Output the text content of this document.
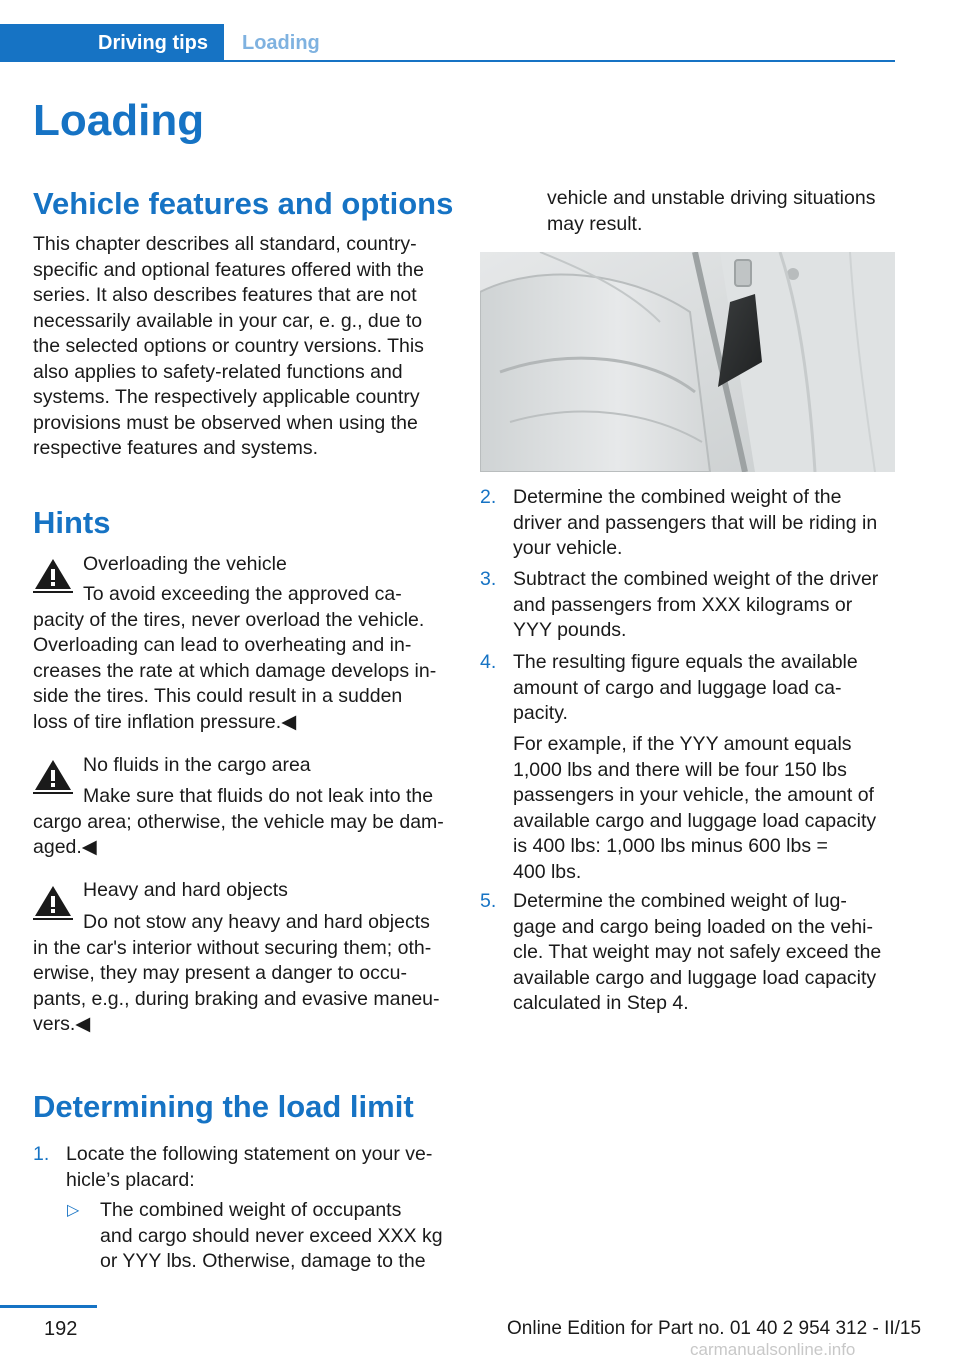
Driving tips	Loading
Loading
Vehicle features and options
This chapter describes all standard, country-
specific and optional features offered with the
series. It also describes features that are not
necessarily available in your car, e. g., due to
the selected options or country versions. This
also applies to safety-related functions and
systems. The respectively applicable country
provisions must be observed when using the
respective features and systems.
Hints
Overloading the vehicle
To avoid exceeding the approved ca-
pacity of the tires, never overload the vehicle.
Overloading can lead to overheating and in-
creases the rate at which damage develops in-
side the tires. This could result in a sudden
loss of tire inflation pressure.◀
No fluids in the cargo area
Make sure that fluids do not leak into the
cargo area; otherwise, the vehicle may be dam-
aged.◀
Heavy and hard objects
Do not stow any heavy and hard objects
in the car's interior without securing them; oth-
erwise, they may present a danger to occu-
pants, e.g., during braking and evasive maneu-
vers.◀
Determining the load limit
1. Locate the following statement on your ve-
hicle’s placard:
▷ The combined weight of occupants
and cargo should never exceed XXX kg
or YYY lbs. Otherwise, damage to the
vehicle and unstable driving situations
may result.
2. Determine the combined weight of the
driver and passengers that will be riding in
your vehicle.
3. Subtract the combined weight of the driver
and passengers from XXX kilograms or
YYY pounds.
4. The resulting figure equals the available
amount of cargo and luggage load ca-
pacity.
For example, if the YYY amount equals
1,000 lbs and there will be four 150 lbs
passengers in your vehicle, the amount of
available cargo and luggage load capacity
is 400 lbs: 1,000 lbs minus 600 lbs =
400 lbs.
5. Determine the combined weight of lug-
gage and cargo being loaded on the vehi-
cle. That weight may not safely exceed the
available cargo and luggage load capacity
calculated in Step 4.
192	Online Edition for Part no. 01 40 2 954 312 - II/15
carmanualsonline.info
